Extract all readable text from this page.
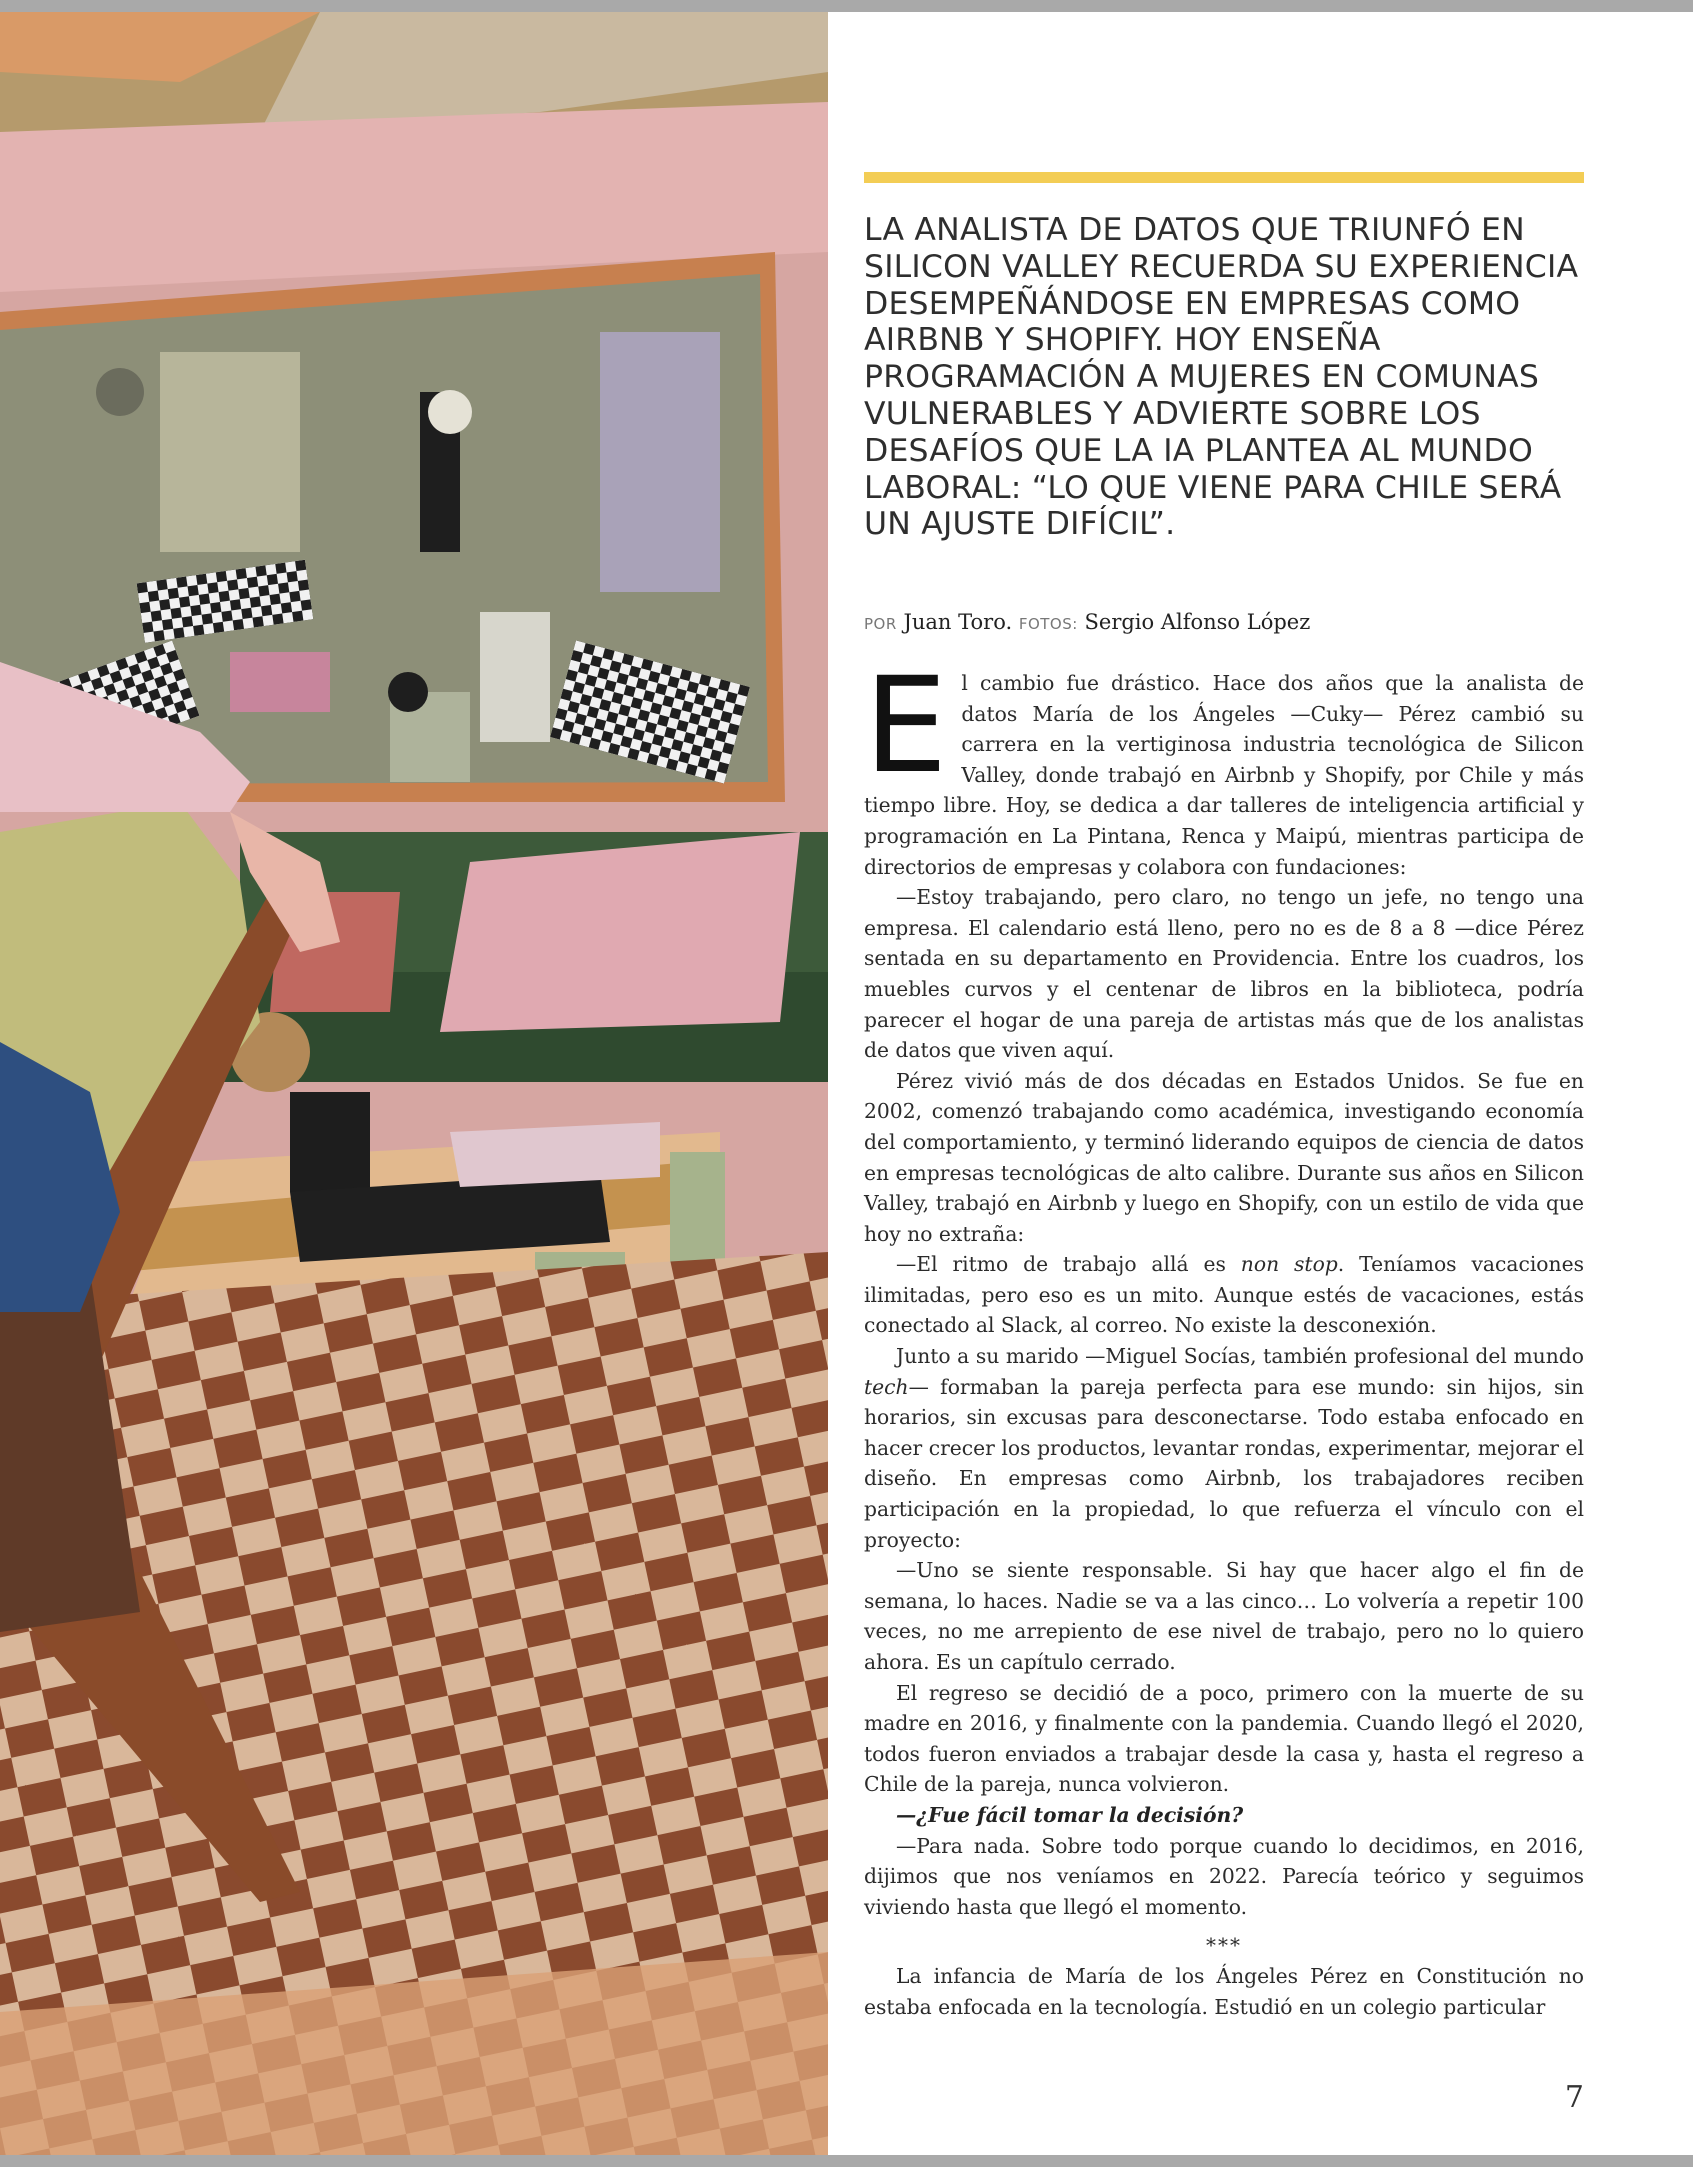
LA ANALISTA DE DATOS QUE TRIUNFÓ EN SILICON VALLEY RECUERDA SU EXPERIENCIA DESEMPEÑÁNDOSE EN EMPRESAS COMO AIRBNB Y SHOPIFY. HOY ENSEÑA PROGRAMACIÓN A MUJERES EN COMUNAS VULNERABLES Y ADVIERTE SOBRE LOS DESAFÍOS QUE LA IA PLANTEA AL MUNDO LABORAL: “LO QUE VIENE PARA CHILE SERÁ UN AJUSTE DIFÍCIL”.

POR Juan Toro. FOTOS: Sergio Alfonso López

El cambio fue drástico. Hace dos años que la analista de datos María de los Ángeles —Cuky— Pérez cambió su carrera en la vertiginosa industria tecnológica de Silicon Valley, donde trabajó en Airbnb y Shopify, por Chile y más tiempo libre. Hoy, se dedica a dar talleres de inteligencia artificial y programación en La Pintana, Renca y Maipú, mientras participa de directorios de empresas y colabora con fundaciones:

—Estoy trabajando, pero claro, no tengo un jefe, no tengo una empresa. El calendario está lleno, pero no es de 8 a 8 —dice Pérez sentada en su departamento en Providencia. Entre los cuadros, los muebles curvos y el centenar de libros en la biblioteca, podría parecer el hogar de una pareja de artistas más que de los analistas de datos que viven aquí.

Pérez vivió más de dos décadas en Estados Unidos. Se fue en 2002, comenzó trabajando como académica, investigando economía del comportamiento, y terminó liderando equipos de ciencia de datos en empresas tecnológicas de alto calibre. Durante sus años en Silicon Valley, trabajó en Airbnb y luego en Shopify, con un estilo de vida que hoy no extraña:

—El ritmo de trabajo allá es non stop. Teníamos vacaciones ilimitadas, pero eso es un mito. Aunque estés de vacaciones, estás conectado al Slack, al correo. No existe la desconexión.

Junto a su marido —Miguel Socías, también profesional del mundo tech— formaban la pareja perfecta para ese mundo: sin hijos, sin horarios, sin excusas para desconectarse. Todo estaba enfocado en hacer crecer los productos, levantar rondas, experimentar, mejorar el diseño. En empresas como Airbnb, los trabajadores reciben participación en la propiedad, lo que refuerza el vínculo con el proyecto:

—Uno se siente responsable. Si hay que hacer algo el fin de semana, lo haces. Nadie se va a las cinco… Lo volvería a repetir 100 veces, no me arrepiento de ese nivel de trabajo, pero no lo quiero ahora. Es un capítulo cerrado.

El regreso se decidió de a poco, primero con la muerte de su madre en 2016, y finalmente con la pandemia. Cuando llegó el 2020, todos fueron enviados a trabajar desde la casa y, hasta el regreso a Chile de la pareja, nunca volvieron.

—¿Fue fácil tomar la decisión?

—Para nada. Sobre todo porque cuando lo decidimos, en 2016, dijimos que nos veníamos en 2022. Parecía teórico y seguimos viviendo hasta que llegó el momento.

***

La infancia de María de los Ángeles Pérez en Constitución no estaba enfocada en la tecnología. Estudió en un colegio particular

7
